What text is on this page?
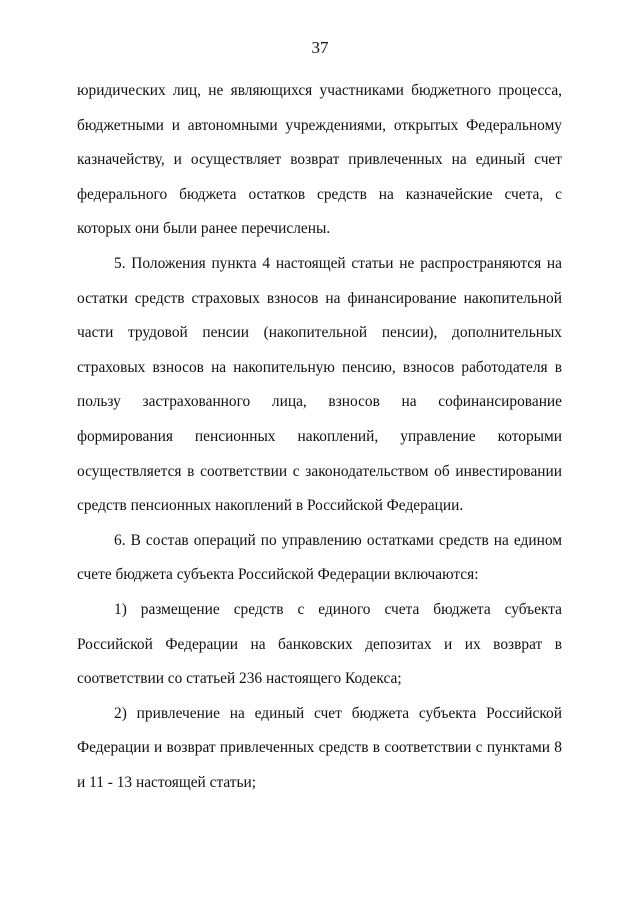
37

юридических лиц, не являющихся участниками бюджетного процесса, бюджетными и автономными учреждениями, открытых Федеральному казначейству, и осуществляет возврат привлеченных на единый счет федерального бюджета остатков средств на казначейские счета, с которых они были ранее перечислены.

5. Положения пункта 4 настоящей статьи не распространяются на остатки средств страховых взносов на финансирование накопительной части трудовой пенсии (накопительной пенсии), дополнительных страховых взносов на накопительную пенсию, взносов работодателя в пользу застрахованного лица, взносов на софинансирование формирования пенсионных накоплений, управление которыми осуществляется в соответствии с законодательством об инвестировании средств пенсионных накоплений в Российской Федерации.

6. В состав операций по управлению остатками средств на едином счете бюджета субъекта Российской Федерации включаются:

1) размещение средств с единого счета бюджета субъекта Российской Федерации на банковских депозитах и их возврат в соответствии со статьей 236 настоящего Кодекса;

2) привлечение на единый счет бюджета субъекта Российской Федерации и возврат привлеченных средств в соответствии с пунктами 8 и 11 - 13 настоящей статьи;
